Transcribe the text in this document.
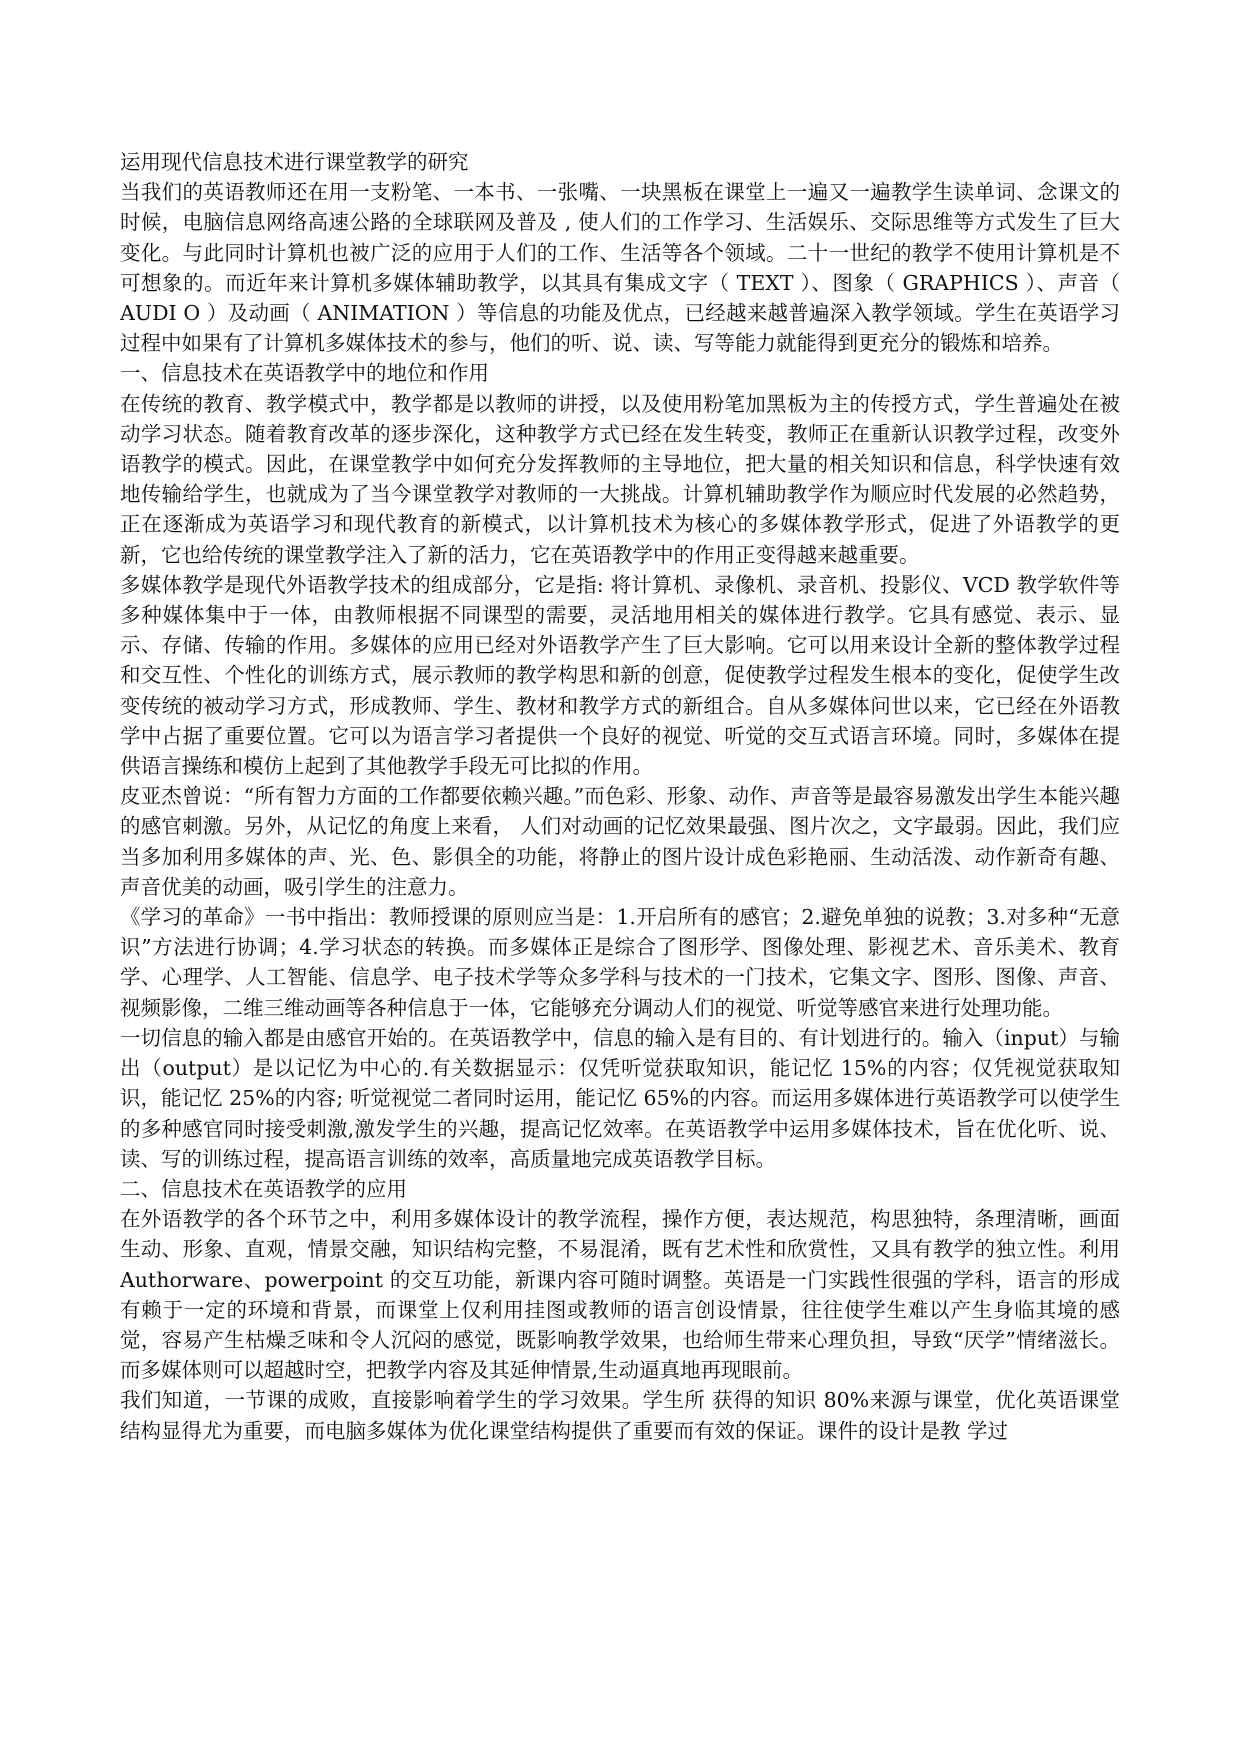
运用现代信息技术进行课堂教学的研究

当我们的英语教师还在用一支粉笔、一本书、一张嘴、一块黑板在课堂上一遍又一遍教学生读单词、念课文的时候，电脑信息网络高速公路的全球联网及普及 , 使人们的工作学习、生活娱乐、交际思维等方式发生了巨大变化。与此同时计算机也被广泛的应用于人们的工作、生活等各个领域。二十一世纪的教学不使用计算机是不可想象的。而近年来计算机多媒体辅助教学，以其具有集成文字（ TEXT ）、图象（ GRAPHICS ）、声音（ AUDI O ）及动画（ ANIMATION ）等信息的功能及优点，已经越来越普遍深入教学领域。学生在英语学习过程中如果有了计算机多媒体技术的参与，他们的听、说、读、写等能力就能得到更充分的锻炼和培养。

一、信息技术在英语教学中的地位和作用

在传统的教育、教学模式中，教学都是以教师的讲授，以及使用粉笔加黑板为主的传授方式，学生普遍处在被动学习状态。随着教育改革的逐步深化，这种教学方式已经在发生转变，教师正在重新认识教学过程，改变外语教学的模式。因此，在课堂教学中如何充分发挥教师的主导地位，把大量的相关知识和信息，科学快速有效地传输给学生，也就成为了当今课堂教学对教师的一大挑战。计算机辅助教学作为顺应时代发展的必然趋势，正在逐渐成为英语学习和现代教育的新模式，以计算机技术为核心的多媒体教学形式，促进了外语教学的更新，它也给传统的课堂教学注入了新的活力，它在英语教学中的作用正变得越来越重要。

多媒体教学是现代外语教学技术的组成部分，它是指: 将计算机、录像机、录音机、投影仪、VCD 教学软件等多种媒体集中于一体，由教师根据不同课型的需要，灵活地用相关的媒体进行教学。它具有感觉、表示、显示、存储、传输的作用。多媒体的应用已经对外语教学产生了巨大影响。它可以用来设计全新的整体教学过程和交互性、个性化的训练方式，展示教师的教学构思和新的创意，促使教学过程发生根本的变化，促使学生改变传统的被动学习方式，形成教师、学生、教材和教学方式的新组合。自从多媒体问世以来，它已经在外语教学中占据了重要位置。它可以为语言学习者提供一个良好的视觉、听觉的交互式语言环境。同时，多媒体在提供语言操练和模仿上起到了其他教学手段无可比拟的作用。

皮亚杰曾说：“所有智力方面的工作都要依赖兴趣。”而色彩、形象、动作、声音等是最容易激发出学生本能兴趣的感官刺激。另外，从记忆的角度上来看， 人们对动画的记忆效果最强、图片次之，文字最弱。因此，我们应当多加利用多媒体的声、光、色、影俱全的功能，将静止的图片设计成色彩艳丽、生动活泼、动作新奇有趣、声音优美的动画，吸引学生的注意力。

《学习的革命》一书中指出：教师授课的原则应当是：1.开启所有的感官；2.避免单独的说教；3.对多种“无意识”方法进行协调；4.学习状态的转换。而多媒体正是综合了图形学、图像处理、影视艺术、音乐美术、教育学、心理学、人工智能、信息学、电子技术学等众多学科与技术的一门技术，它集文字、图形、图像、声音、视频影像，二维三维动画等各种信息于一体，它能够充分调动人们的视觉、听觉等感官来进行处理功能。

一切信息的输入都是由感官开始的。在英语教学中，信息的输入是有目的、有计划进行的。输入（input）与输出（output）是以记忆为中心的.有关数据显示：仅凭听觉获取知识，能记忆 15%的内容；仅凭视觉获取知识，能记忆 25%的内容; 听觉视觉二者同时运用，能记忆 65%的内容。而运用多媒体进行英语教学可以使学生的多种感官同时接受刺激,激发学生的兴趣，提高记忆效率。在英语教学中运用多媒体技术，旨在优化听、说、读、写的训练过程，提高语言训练的效率，高质量地完成英语教学目标。

二、信息技术在英语教学的应用

在外语教学的各个环节之中，利用多媒体设计的教学流程，操作方便，表达规范，构思独特，条理清晰，画面生动、形象、直观，情景交融，知识结构完整，不易混淆，既有艺术性和欣赏性，又具有教学的独立性。利用 Authorware、powerpoint 的交互功能，新课内容可随时调整。英语是一门实践性很强的学科，语言的形成有赖于一定的环境和背景，而课堂上仅利用挂图或教师的语言创设情景，往往使学生难以产生身临其境的感觉，容易产生枯燥乏味和令人沉闷的感觉，既影响教学效果，也给师生带来心理负担，导致“厌学”情绪滋长。而多媒体则可以超越时空，把教学内容及其延伸情景,生动逼真地再现眼前。

我们知道，一节课的成败，直接影响着学生的学习效果。学生所 获得的知识 80%来源与课堂，优化英语课堂结构显得尤为重要，而电脑多媒体为优化课堂结构提供了重要而有效的保证。课件的设计是教 学过
